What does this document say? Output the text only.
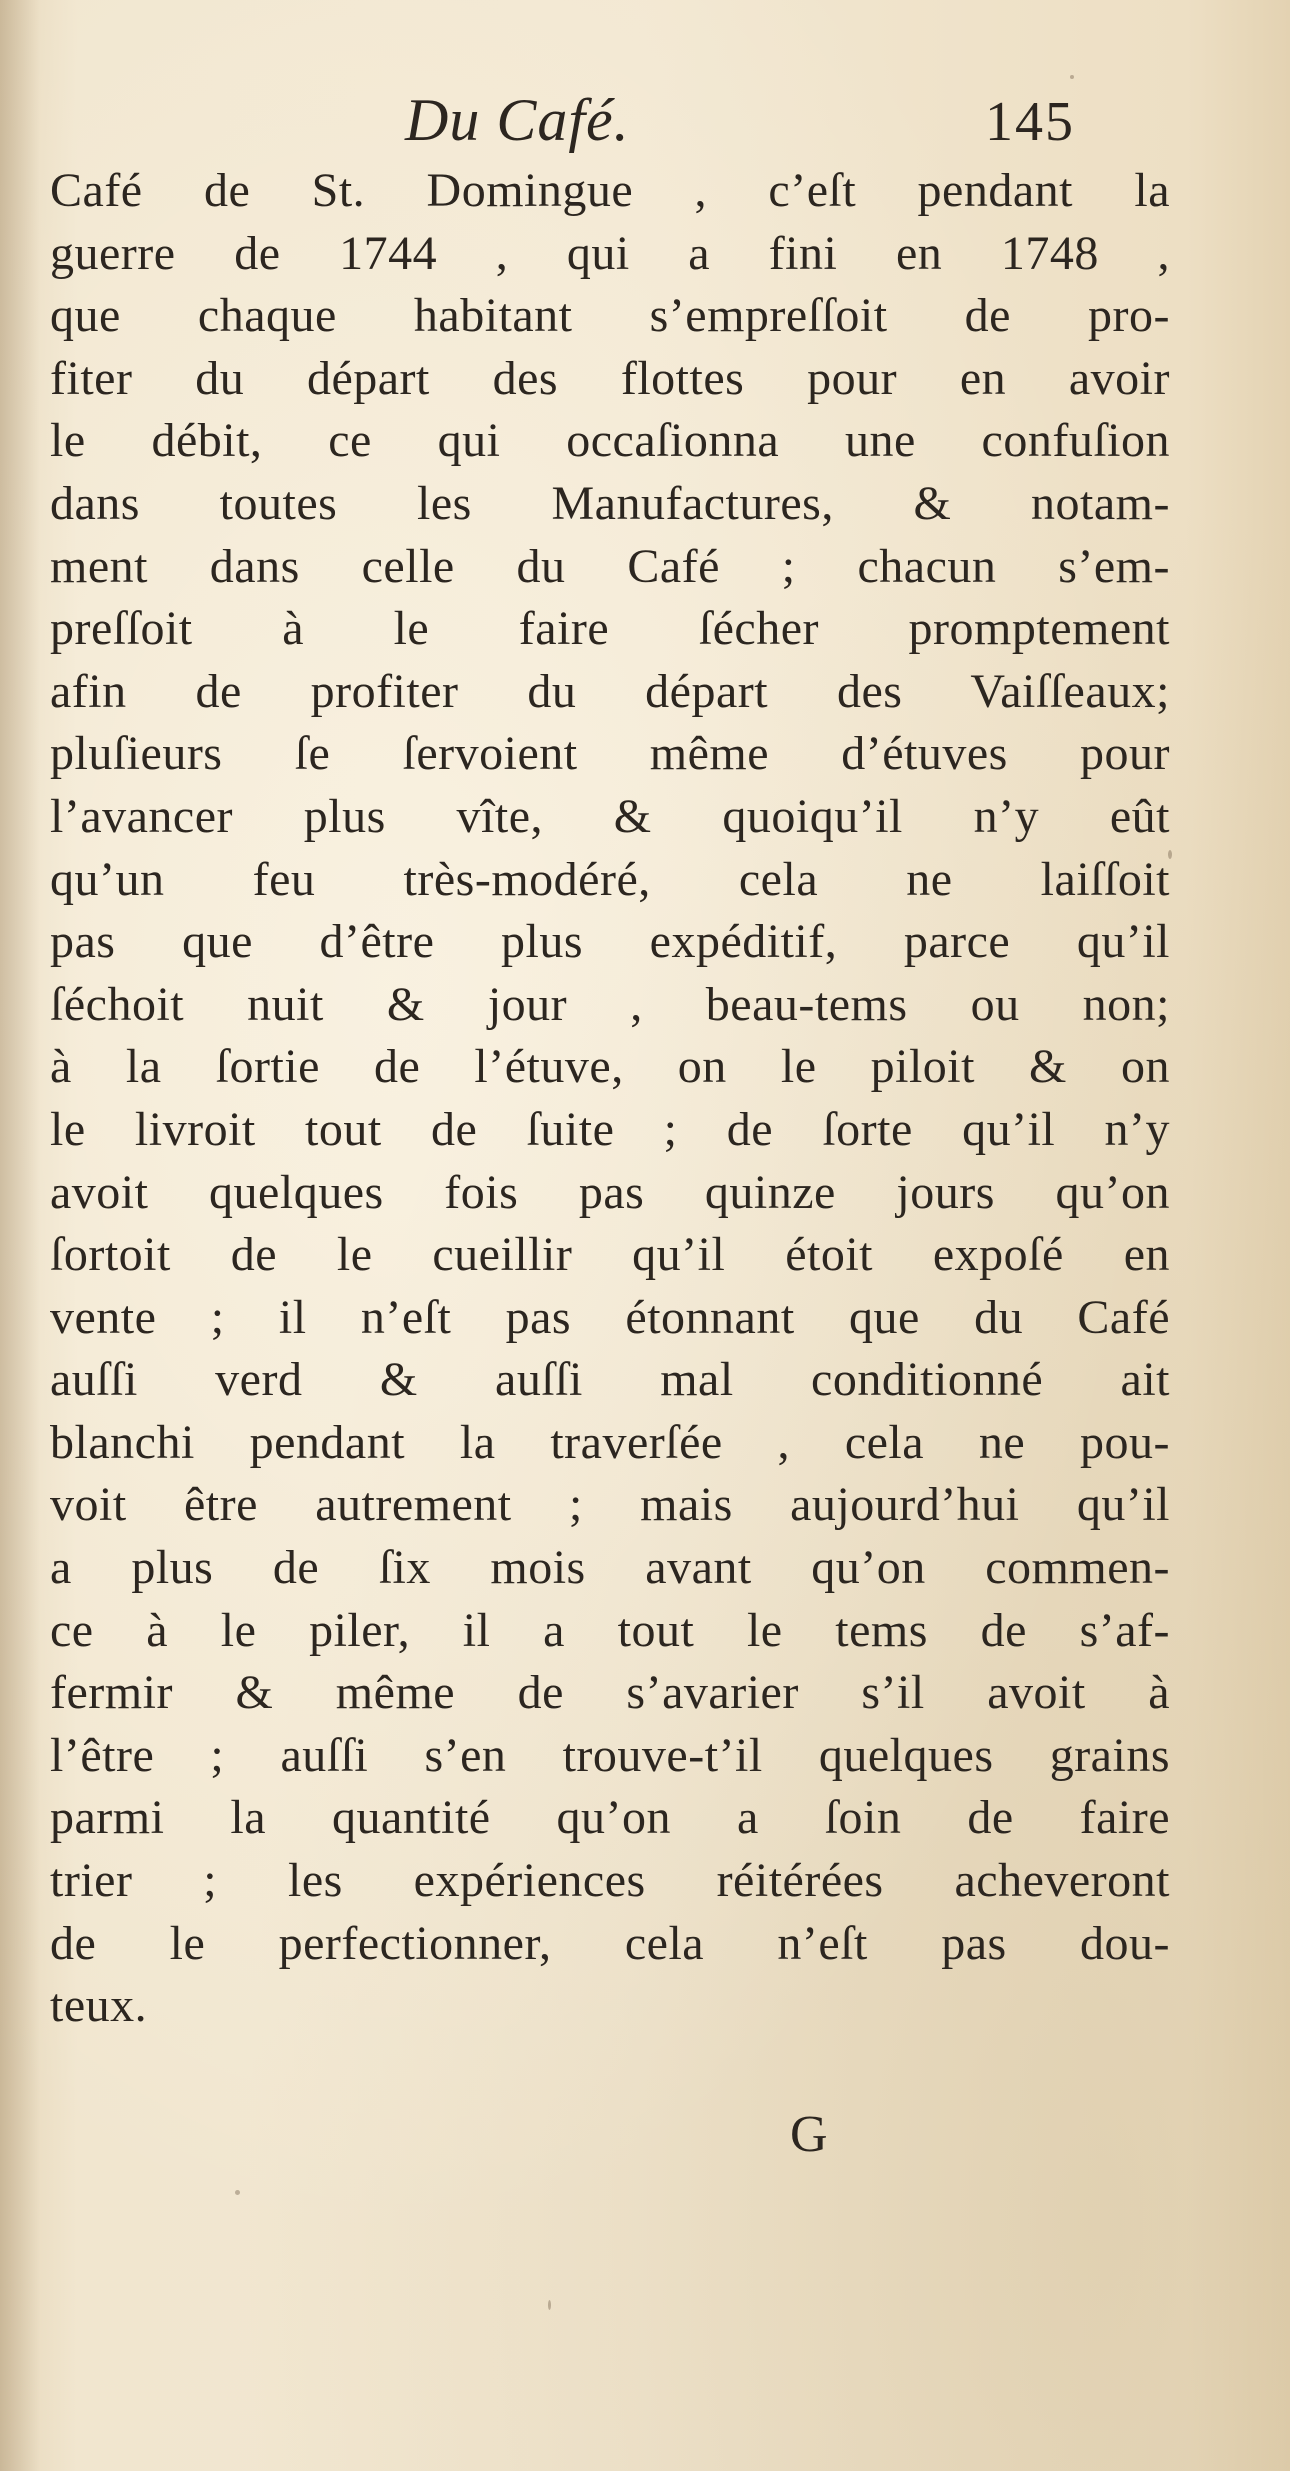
Du Café.	145
Café de St. Domingue , c’eſt pendant la
guerre de 1744 , qui a fini en 1748 ,
que chaque habitant s’empreſſoit de pro-
fiter du départ des flottes pour en avoir
le débit, ce qui occaſionna une confuſion
dans toutes les Manufactures, & notam-
ment dans celle du Café ; chacun s’em-
preſſoit à le faire ſécher promptement
afin de profiter du départ des Vaiſſeaux;
pluſieurs ſe ſervoient même d’étuves pour
l’avancer plus vîte, & quoiqu’il n’y eût
qu’un feu très-modéré, cela ne laiſſoit
pas que d’être plus expéditif, parce qu’il
ſéchoit nuit & jour , beau-tems ou non;
à la ſortie de l’étuve, on le piloit & on
le livroit tout de ſuite ; de ſorte qu’il n’y
avoit quelques fois pas quinze jours qu’on
ſortoit de le cueillir qu’il étoit expoſé en
vente ; il n’eſt pas étonnant que du Café
auſſi verd & auſſi mal conditionné ait
blanchi pendant la traverſée , cela ne pou-
voit être autrement ; mais aujourd’hui qu’il
a plus de ſix mois avant qu’on commen-
ce à le piler, il a tout le tems de s’af-
fermir & même de s’avarier s’il avoit à
l’être ; auſſi s’en trouve-t’il quelques grains
parmi la quantité qu’on a ſoin de faire
trier ; les expériences réitérées acheveront
de le perfectionner, cela n’eſt pas dou-
teux.
G
